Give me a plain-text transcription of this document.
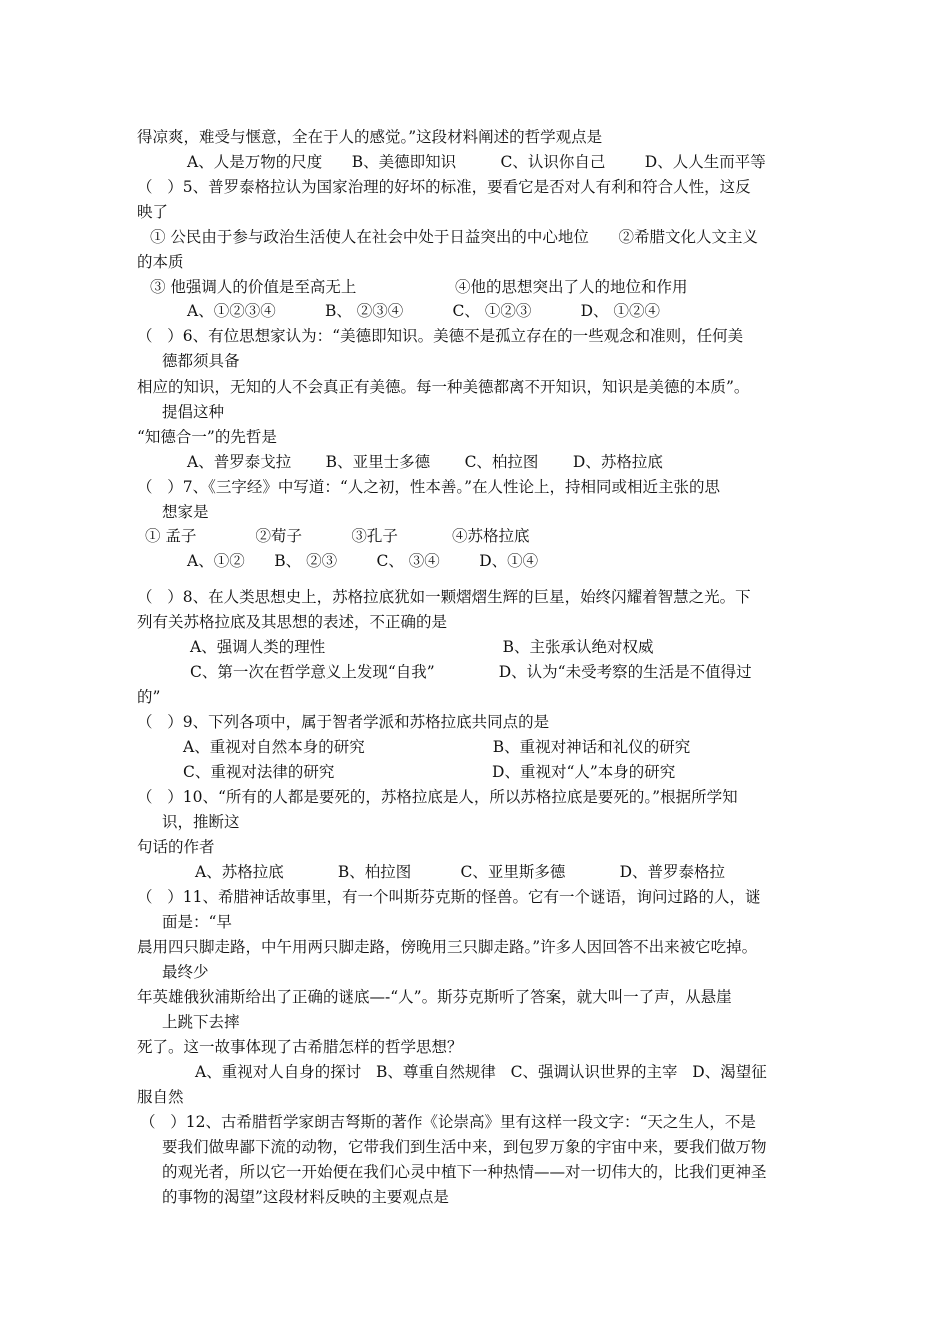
得凉爽，难受与惬意，全在于人的感觉。”这段材料阐述的哲学观点是
A、人是万物的尺度      B、美德即知识         C、认识你自己        D、人人生而平等
（   ）5、普罗泰格拉认为国家治理的好坏的标准，要看它是否对人有利和符合人性，这反
映了
① 公民由于参与政治生活使人在社会中处于日益突出的中心地位      ②希腊文化人文主义
的本质
③ 他强调人的价值是至高无上                    ④他的思想突出了人的地位和作用
A、①②③④          B、 ②③④          C、 ①②③          D、 ①②④
（   ）6、有位思想家认为：“美德即知识。美德不是孤立存在的一些观念和准则，任何美
德都须具备
相应的知识，无知的人不会真正有美德。每一种美德都离不开知识，知识是美德的本质”。
提倡这种
“知德合一”的先哲是
A、普罗泰戈拉       B、亚里士多德       C、柏拉图       D、苏格拉底
（   ）7、《三字经》中写道：“人之初，性本善。”在人性论上，持相同或相近主张的思
想家是
① 孟子            ②荀子          ③孔子           ④苏格拉底
A、①②      B、 ②③        C、 ③④        D、①④
（   ）8、在人类思想史上，苏格拉底犹如一颗熠熠生辉的巨星，始终闪耀着智慧之光。下
列有关苏格拉底及其思想的表述，不正确的是
A、强调人类的理性                                    B、主张承认绝对权威
C、第一次在哲学意义上发现“自我”             D、认为“未受考察的生活是不值得过
的”
（   ）9、下列各项中，属于智者学派和苏格拉底共同点的是
A、重视对自然本身的研究                          B、重视对神话和礼仪的研究
C、重视对法律的研究                                D、重视对“人”本身的研究
（   ）10、“所有的人都是要死的，苏格拉底是人，所以苏格拉底是要死的。”根据所学知
识，推断这
句话的作者
A、苏格拉底           B、柏拉图          C、亚里斯多德           D、普罗泰格拉
（   ）11、希腊神话故事里，有一个叫斯芬克斯的怪兽。它有一个谜语，询问过路的人，谜
面是：“早
晨用四只脚走路，中午用两只脚走路，傍晚用三只脚走路。”许多人因回答不出来被它吃掉。
最终少
年英雄俄狄浦斯给出了正确的谜底—-“人”。斯芬克斯听了答案，就大叫一了声，从悬崖
上跳下去摔
死了。这一故事体现了古希腊怎样的哲学思想？
A、重视对人自身的探讨   B、尊重自然规律   C、强调认识世界的主宰   D、渴望征
服自然
（   ）12、古希腊哲学家朗吉弩斯的著作《论崇高》里有这样一段文字：“天之生人，不是
要我们做卑鄙下流的动物，它带我们到生活中来，到包罗万象的宇宙中来，要我们做万物
的观光者，所以它一开始便在我们心灵中植下一种热情——对一切伟大的，比我们更神圣
的事物的渴望”这段材料反映的主要观点是
